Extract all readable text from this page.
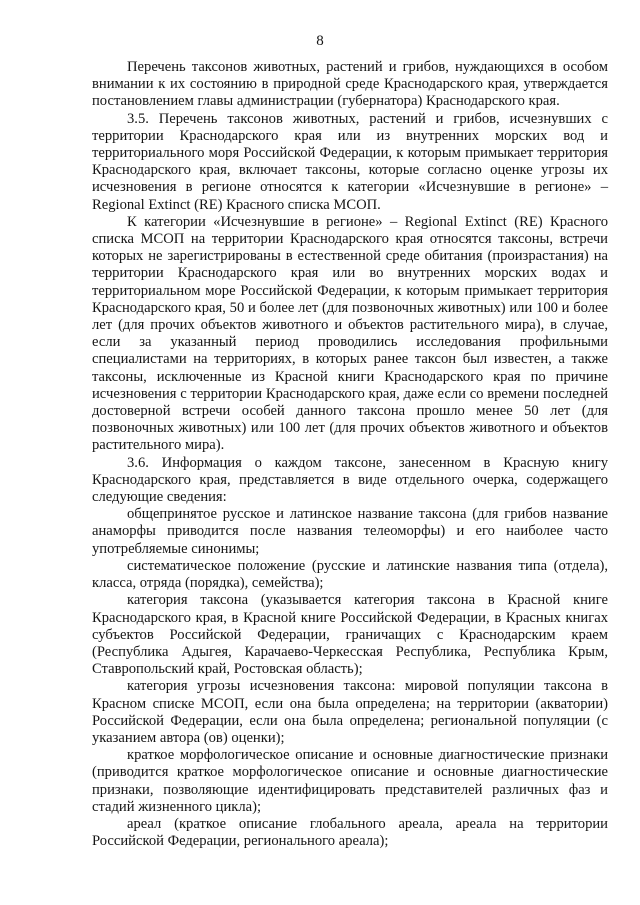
8

Перечень таксонов животных, растений и грибов, нуждающихся в особом внимании к их состоянию в природной среде Краснодарского края, утверждается постановлением главы администрации (губернатора) Краснодарского края.

3.5. Перечень таксонов животных, растений и грибов, исчезнувших с территории Краснодарского края или из внутренних морских вод и территориального моря Российской Федерации, к которым примыкает территория Краснодарского края, включает таксоны, которые согласно оценке угрозы их исчезновения в регионе относятся к категории «Исчезнувшие в регионе» – Regional Extinct (RE) Красного списка МСОП.

К категории «Исчезнувшие в регионе» – Regional Extinct (RE) Красного списка МСОП на территории Краснодарского края относятся таксоны, встречи которых не зарегистрированы в естественной среде обитания (произрастания) на территории Краснодарского края или во внутренних морских водах и территориальном море Российской Федерации, к которым примыкает территория Краснодарского края, 50 и более лет (для позвоночных животных) или 100 и более лет (для прочих объектов животного и объектов растительного мира), в случае, если за указанный период проводились исследования профильными специалистами на территориях, в которых ранее таксон был известен, а также таксоны, исключенные из Красной книги Краснодарского края по причине исчезновения с территории Краснодарского края, даже если со времени последней достоверной встречи особей данного таксона прошло менее 50 лет (для позвоночных животных) или 100 лет (для прочих объектов животного и объектов растительного мира).

3.6. Информация о каждом таксоне, занесенном в Красную книгу Краснодарского края, представляется в виде отдельного очерка, содержащего следующие сведения:

общепринятое русское и латинское название таксона (для грибов название анаморфы приводится после названия телеоморфы) и его наиболее часто употребляемые синонимы;

систематическое положение (русские и латинские названия типа (отдела), класса, отряда (порядка), семейства);

категория таксона (указывается категория таксона в Красной книге Краснодарского края, в Красной книге Российской Федерации, в Красных книгах субъектов Российской Федерации, граничащих с Краснодарским краем (Республика Адыгея, Карачаево-Черкесская Республика, Республика Крым, Ставропольский край, Ростовская область);

категория угрозы исчезновения таксона: мировой популяции таксона в Красном списке МСОП, если она была определена; на территории (акватории) Российской Федерации, если она была определена; региональной популяции (с указанием автора (ов) оценки);

краткое морфологическое описание и основные диагностические признаки (приводится краткое морфологическое описание и основные диагностические признаки, позволяющие идентифицировать представителей различных фаз и стадий жизненного цикла);

ареал (краткое описание глобального ареала, ареала на территории Российской Федерации, регионального ареала);
